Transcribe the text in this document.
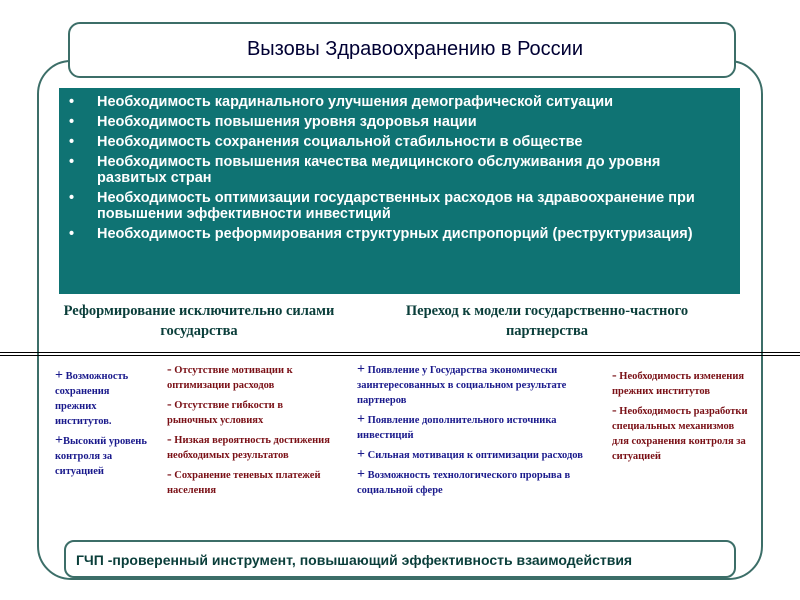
Вызовы Здравоохранению в России
• Необходимость кардинального улучшения демографической ситуации
• Необходимость повышения уровня здоровья нации
• Необходимость сохранения социальной стабильности в обществе
• Необходимость повышения качества медицинского обслуживания до уровня развитых стран
• Необходимость оптимизации государственных расходов на здравоохранение при повышении эффективности инвестиций
• Необходимость реформирования структурных диспропорций (реструктуризация)
Реформирование исключительно силами государства
Переход к модели государственно-частного партнерства
+ Возможность сохранения прежних институтов.
+Высокий уровень контроля за ситуацией
- Отсутствие мотивации к оптимизации расходов
- Отсутствие гибкости в рыночных условиях
- Низкая вероятность достижения необходимых результатов
- Сохранение теневых платежей населения
+ Появление у Государства экономически заинтересованных в социальном результате партнеров
+ Появление дополнительного источника инвестиций
+ Сильная мотивация к оптимизации расходов
+ Возможность технологического прорыва в социальной сфере
- Необходимость изменения прежних институтов
- Необходимость разработки специальных механизмов для сохранения контроля за ситуацией
ГЧП -проверенный инструмент, повышающий эффективность взаимодействия
